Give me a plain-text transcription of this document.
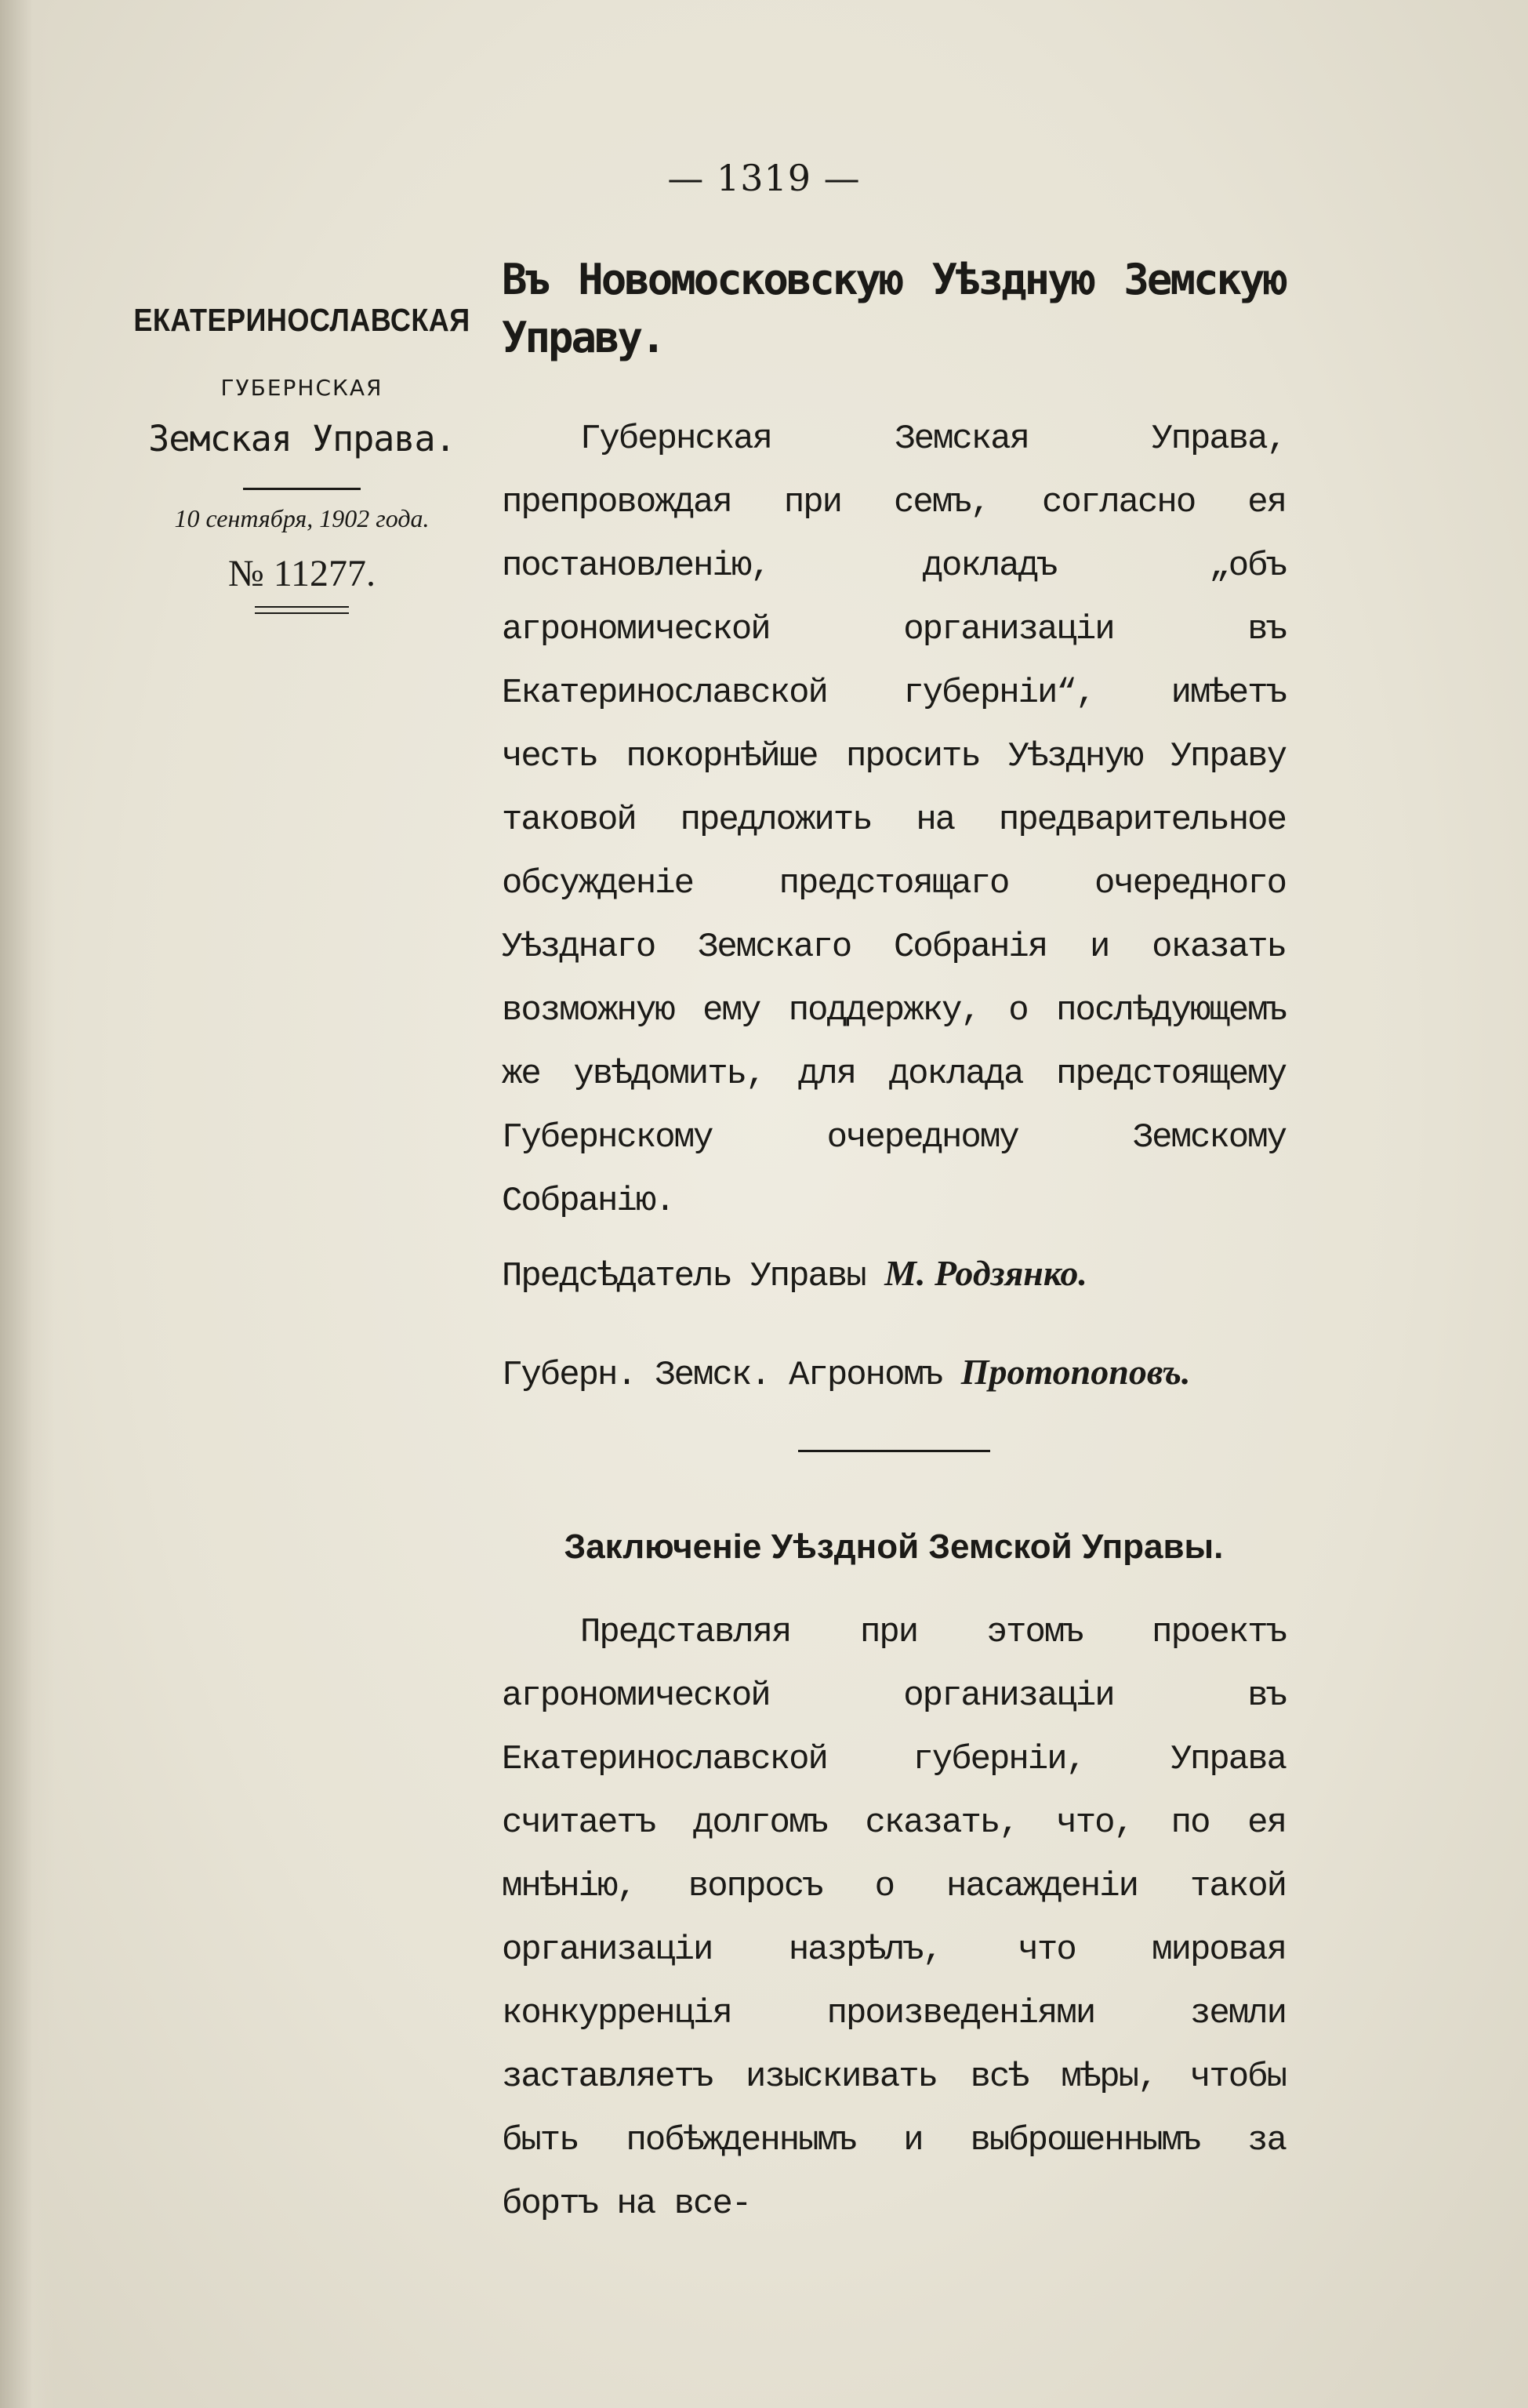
— 1319 —
ЕКАТЕРИНОСЛАВСКАЯ
ГУБЕРНСКАЯ
Земская Управа.
10 сентября, 1902 года.
№ 11277.
Въ Новомосковскую Уѣздную Земскую Управу.
Губернская Земская Управа, препровождая при семъ, согласно ея постановленію, докладъ „объ агрономической организаціи въ Екатеринославской губерніи“, имѣетъ честь покорнѣйше просить Уѣздную Управу таковой предложить на предварительное обсужденіе предстоящаго очередного Уѣзднаго Земскаго Собранія и оказать возможную ему поддержку, о послѣдующемъ же увѣдомить, для доклада предстоящему Губернскому очередному Земскому Собранію.
Предсѣдатель Управы М. Родзянко.
Губерн. Земск. Агрономъ Протопоповъ.
Заключеніе Уѣздной Земской Управы.
Представляя при этомъ проектъ агрономической организаціи въ Екатеринославской губерніи, Управа считаетъ долгомъ сказать, что, по ея мнѣнію, вопросъ о насажденіи такой организаціи назрѣлъ, что мировая конкурренція произведеніями земли заставляетъ изыскивать всѣ мѣры, чтобы быть побѣжденнымъ и выброшеннымъ за бортъ на все-
